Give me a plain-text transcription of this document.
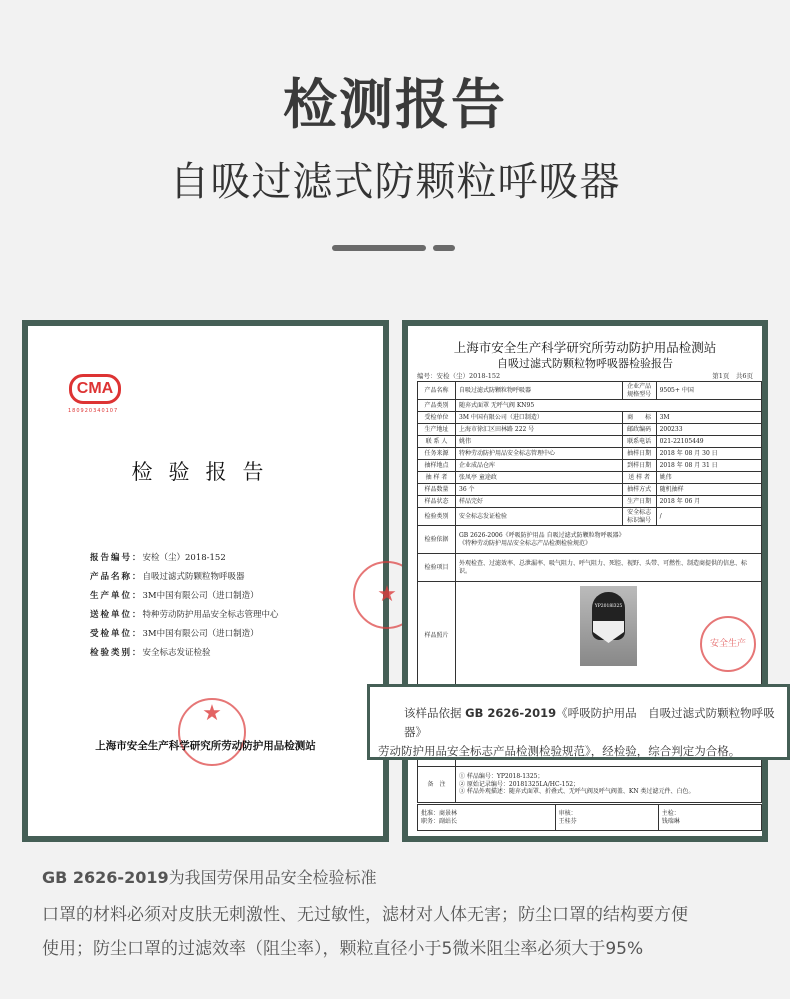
检测报告
自吸过滤式防颗粒呼吸器
CMA
180920340107
检验报告
报告编号：安检（尘）2018-152
产品名称：自吸过滤式防颗粒物呼吸器
生产单位：3M中国有限公司（进口制造）
送检单位：特种劳动防护用品安全标志管理中心
受检单位：3M中国有限公司（进口制造）
检验类别：安全标志发证检验
★
★
上海市安全生产科学研究所劳动防护用品检测站
上海市安全生产科学研究所劳动防护用品检测站
自吸过滤式防颗粒物呼吸器检验报告
编号：安检（尘）2018-152	第1页　共6页
产品名称	自吸过滤式防颗粒物呼吸器	企业产品规格型号	9505+ 中国
产品类别	随弃式面罩 无呼气阀 KN95		
受检单位	3M 中国有限公司（进口制造）	商　　标	3M
生产地址	上海市徐汇区田林路 222 号	邮政编码	200233
联 系 人	姚伟	联系电话	021-22105449
任务来源	特种劳动防护用品安全标志管理中心	抽样日期	2018 年 08 月 30 日
抽样地点	企业成品仓库	到样日期	2018 年 08 月 31 日
抽 样 者	张凤亭 童途政	送 样 者	姚伟
样品数量	36 个	抽样方式	随机抽样
样品状态	样品完好	生产日期	2018 年 06 月
检验类别	安全标志发证检验	安全标志标识编号	/
检验依据	GB 2626-2006《呼吸防护用品 自吸过滤式防颗粒物呼吸器》
《特种劳动防护用品安全标志产品检测检验规范》		

检验项目	外观检查、过滤效率、总泄漏率、吸气阻力、呼气阻力、死腔、视野、头带、可燃性、制造商提供的信息、标识。		
样品照片	YP2018l325		
安全生产
备　注	
① 样品编号：YP2018-1325；
② 原始记录编号：20181325LA/HC-152；
③ 样品外观描述：随弃式面罩、折叠式、无呼气阀及呼气阀盖、KN 类过滤元件、白色。
批准：商景林
职务：副站长

审核：
王桂芬

主检：
钱瑞琳
该样品依据 GB 2626-2019《呼吸防护用品　自吸过滤式防颗粒物呼吸器》
劳动防护用品安全标志产品检测检验规范》，经检验，综合判定为合格。
GB 2626-2019为我国劳保用品安全检验标准
口罩的材料必须对皮肤无刺激性、无过敏性，滤材对人体无害；防尘口罩的结构要方便
使用；防尘口罩的过滤效率（阻尘率），颗粒直径小于5微米阻尘率必须大于95%
